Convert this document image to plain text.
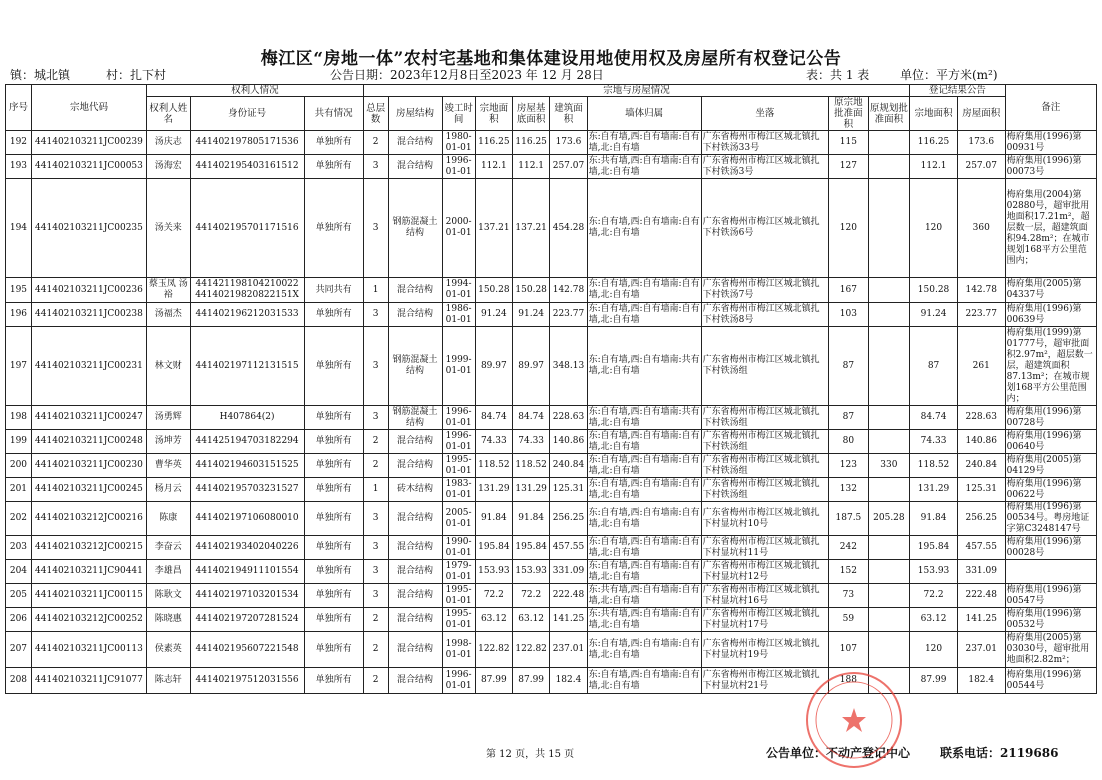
梅江区“房地一体”农村宅基地和集体建设用地使用权及房屋所有权登记公告
镇：城北镇	村：扎下村	公告日期：2023年12月8日至2023 年 12 月 28日	表：共 1 表	单位：平方米(m²)
序号	宗地代码	权利人情况			宗地与房屋情况										登记结果公告		备注
		权利人姓名	身份证号	共有情况	总层数	房屋结构	竣工时间	宗地面积	房屋基底面积	建筑面积	墙体归属	坐落	原宗地批准面积	原规划批准面积	宗地面积	房屋面积	
192	441402103211JC00239	汤庆志	441402197805171536	单独所有	2	混合结构	1980-01-01	116.25	116.25	173.6	东:自有墙,西:自有墙南:自有墙,北:自有墙	广东省梅州市梅江区城北镇扎下村铁汤33号	115		116.25	173.6	梅府集用(1996)第00931号
193	441402103211JC00053	汤海宏	441402195403161512	单独所有	3	混合结构	1996-01-01	112.1	112.1	257.07	东:共有墙,西:自有墙南:自有墙,北:自有墙	广东省梅州市梅江区城北镇扎下村铁汤3号	127		112.1	257.07	梅府集用(1996)第00073号
194	441402103211JC00235	汤关来	441402195701171516	单独所有	3	钢筋混凝土结构	2000-01-01	137.21	137.21	454.28	东:自有墙,西:自有墙南:自有墙,北:自有墙	广东省梅州市梅江区城北镇扎下村铁汤6号	120		120	360	梅府集用(2004)第02880号，超审批用地面积17.21m²，超层数一层，超建筑面积94.28m²；在城市规划168平方公里范围内；
195	441402103211JC00236	蔡玉凤 汤裕	441421198104210022 44140219820822151X	共同共有	1	混合结构	1994-01-01	150.28	150.28	142.78	东:自有墙,西:自有墙南:自有墙,北:自有墙	广东省梅州市梅江区城北镇扎下村铁汤7号	167		150.28	142.78	梅府集用(2005)第04337号
196	441402103211JC00238	汤福杰	441402196212031533	单独所有	3	混合结构	1986-01-01	91.24	91.24	223.77	东:自有墙,西:自有墙南:自有墙,北:自有墙	广东省梅州市梅江区城北镇扎下村铁汤8号	103		91.24	223.77	梅府集用(1996)第00639号
197	441402103211JC00231	林文财	441402197112131515	单独所有	3	钢筋混凝土结构	1999-01-01	89.97	89.97	348.13	东:自有墙,西:自有墙南:共有墙,北:自有墙	广东省梅州市梅江区城北镇扎下村铁汤组	87		87	261	梅府集用(1999)第01777号，超审批面积2.97m²，超层数一层，超建筑面积87.13m²；在城市规划168平方公里范围内；
198	441402103211JC00247	汤勇辉	H407864(2)	单独所有	3	钢筋混凝土结构	1996-01-01	84.74	84.74	228.63	东:自有墙,西:自有墙南:共有墙,北:自有墙	广东省梅州市梅江区城北镇扎下村铁汤组	87		84.74	228.63	梅府集用(1996)第00728号
199	441402103211JC00248	汤坤芳	441425194703182294	单独所有	2	混合结构	1996-01-01	74.33	74.33	140.86	东:自有墙,西:自有墙南:自有墙,北:自有墙	广东省梅州市梅江区城北镇扎下村铁汤组	80		74.33	140.86	梅府集用(1996)第00640号
200	441402103211JC00230	曹华英	441402194603151525	单独所有	2	混合结构	1995-01-01	118.52	118.52	240.84	东:自有墙,西:自有墙南:自有墙,北:自有墙	广东省梅州市梅江区城北镇扎下村铁汤组	123	330	118.52	240.84	梅府集用(2005)第04129号
201	441402103211JC00245	杨月云	441402195703231527	单独所有	1	砖木结构	1983-01-01	131.29	131.29	125.31	东:自有墙,西:自有墙南:自有墙,北:自有墙	广东省梅州市梅江区城北镇扎下村铁汤组	132		131.29	125.31	梅府集用(1996)第00622号
202	441402103212JC00216	陈康	441402197106080010	单独所有	3	混合结构	2005-01-01	91.84	91.84	256.25	东:自有墙,西:自有墙南:自有墙,北:自有墙	广东省梅州市梅江区城北镇扎下村显坑村10号	187.5	205.28	91.84	256.25	梅府集用(1996)第00534号。粤房地证字第C3248147号
203	441402103212JC00215	李奋云	441402193402040226	单独所有	3	混合结构	1990-01-01	195.84	195.84	457.55	东:自有墙,西:自有墙南:自有墙,北:自有墙	广东省梅州市梅江区城北镇扎下村显坑村11号	242		195.84	457.55	梅府集用(1996)第00028号
204	441402103211JC90441	李雄昌	441402194911101554	单独所有	3	混合结构	1979-01-01	153.93	153.93	331.09	东:自有墙,西:自有墙南:自有墙,北:自有墙	广东省梅州市梅江区城北镇扎下村显坑村12号	152		153.93	331.09	
205	441402103211JC00115	陈耿文	441402197103201534	单独所有	3	混合结构	1995-01-01	72.2	72.2	222.48	东:共有墙,西:自有墙南:自有墙,北:自有墙	广东省梅州市梅江区城北镇扎下村显坑村16号	73		72.2	222.48	梅府集用(1996)第00547号
206	441402103212JC00252	陈晓惠	441402197207281524	单独所有	2	混合结构	1995-01-01	63.12	63.12	141.25	东:共有墙,西:自有墙南:自有墙,北:自有墙	广东省梅州市梅江区城北镇扎下村显坑村17号	59		63.12	141.25	梅府集用(1996)第00532号
207	441402103211JC00113	侯素英	441402195607221548	单独所有	2	混合结构	1998-01-01	122.82	122.82	237.01	东:自有墙,西:自有墙南:自有墙,北:自有墙	广东省梅州市梅江区城北镇扎下村显坑村19号	107		120	237.01	梅府集用(2005)第03030号，超审批用地面积2.82m²；
208	441402103211JC91077	陈志轩	441402197512031556	单独所有	2	混合结构	1996-01-01	87.99	87.99	182.4	东:自有墙,西:自有墙南:自有墙,北:自有墙	广东省梅州市梅江区城北镇扎下村显坑村21号	188		87.99	182.4	梅府集用(1996)第00544号
第 12 页，共 15 页	公告单位：不动产登记中心 联系电话：2119686
